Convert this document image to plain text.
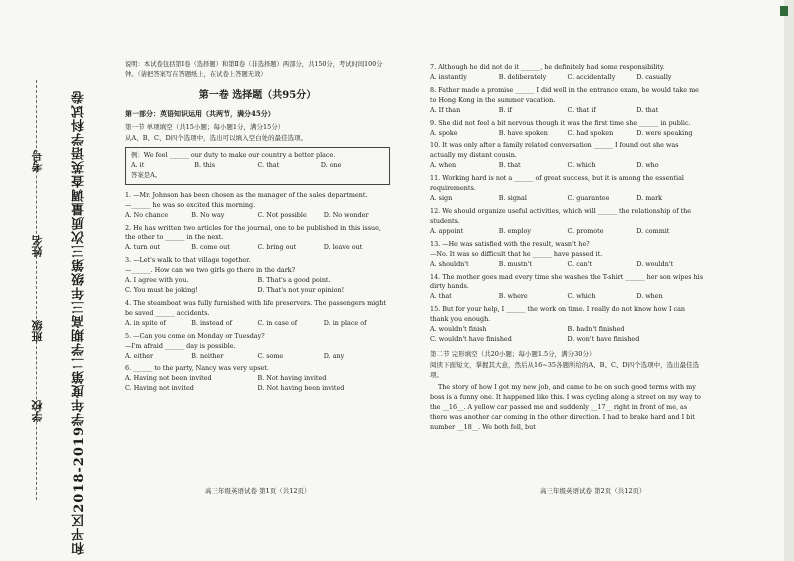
学校
班级
姓名
考号 和平区2018-2019学年度第二学期高三年级第三次质量调查英语学科试卷
说明：本试卷包括第Ⅰ卷（选择题）和第Ⅱ卷（非选择题）两部分，共150分，考试时间100分钟。（请把答案写在答题纸上，在试卷上答题无效）
第一卷 选择题（共95分）
第一部分：英语知识运用（共两节，满分45分）
第一节 单项填空（共15小题；每小题1分，满分15分）
从A、B、C、D四个选项中，选出可以填入空白处的最佳选项。
例：We feel ______ our duty to make our country a better place.
A. it	B. this	C. that	D. one
答案是A。
1. —Mr. Johnson has been chosen as the manager of the sales department.
—______ he was so excited this morning.
A. No chance	B. No way	C. Not possible	D. No wonder
2. He has written two articles for the journal, one to be published in this issue, the other to ______ in the next.
A. turn out	B. come out	C. bring out	D. leave out
3. —Let's walk to that village together.
—______. How can we two girls go there in the dark?
A. I agree with you.	B. That's a good point.
C. You must be joking!	D. That's not your opinion!
4. The steamboat was fully furnished with life preservers. The passengers might be saved ______ accidents.
A. in spite of	B. instead of	C. in case of	D. in place of
5. —Can you come on Monday or Tuesday?
—I'm afraid ______ day is possible.
A. either	B. neither	C. some	D. any
6. ______ to the party, Nancy was very upset.
A. Having not been invited	B. Not having invited
C. Having not invited	D. Not having been invited
7. Although he did not do it ______, he definitely had some responsibility.
A. instantly	B. deliberately	C. accidentally	D. casually
8. Father made a promise ______ I did well in the entrance exam, he would take me to Hong Kong in the summer vacation.
A. If than	B. if	C. that if	D. that
9. She did not feel a bit nervous though it was the first time she ______ in public.
A. spoke	B. have spoken	C. had spoken	D. were speaking
10. It was only after a family related conversation ______ I found out she was actually my distant cousin.
A. when	B. that	C. which	D. who
11. Working hard is not a ______ of great success, but it is among the essential requirements.
A. sign	B. signal	C. guarantee	D. mark
12. We should organize useful activities, which will ______ the relationship of the students.
A. appoint	B. employ	C. promote	D. commit
13. —He was satisfied with the result, wasn't he?
—No. It was so difficult that he ______ have passed it.
A. shouldn't	B. mustn't	C. can't	D. wouldn't
14. The mother goes mad every time she washes the T-shirt ______ her son wipes his dirty hands.
A. that	B. where	C. which	D. when
15. But for your help, I ______ the work on time. I really do not know how I can thank you enough.
A. wouldn't finish	B. hadn't finished
C. wouldn't have finished	D. won't have finished
第二节 完形填空（共20小题；每小题1.5分，满分30分）
阅读下面短文，掌握其大意，然后从16~35各题所给的A、B、C、D四个选项中，选出最佳选项。
The story of how I got my new job, and came to be on such good terms with my boss is a funny one. It happened like this. I was cycling along a street on my way to the __16__. A yellow car passed me and suddenly __17__ right in front of me, as there was another car coming in the other direction. I had to brake hard and I bit number __18__. We both fell, but
高三年级英语试卷 第1页（共12页）	高三年级英语试卷 第2页（共12页）
